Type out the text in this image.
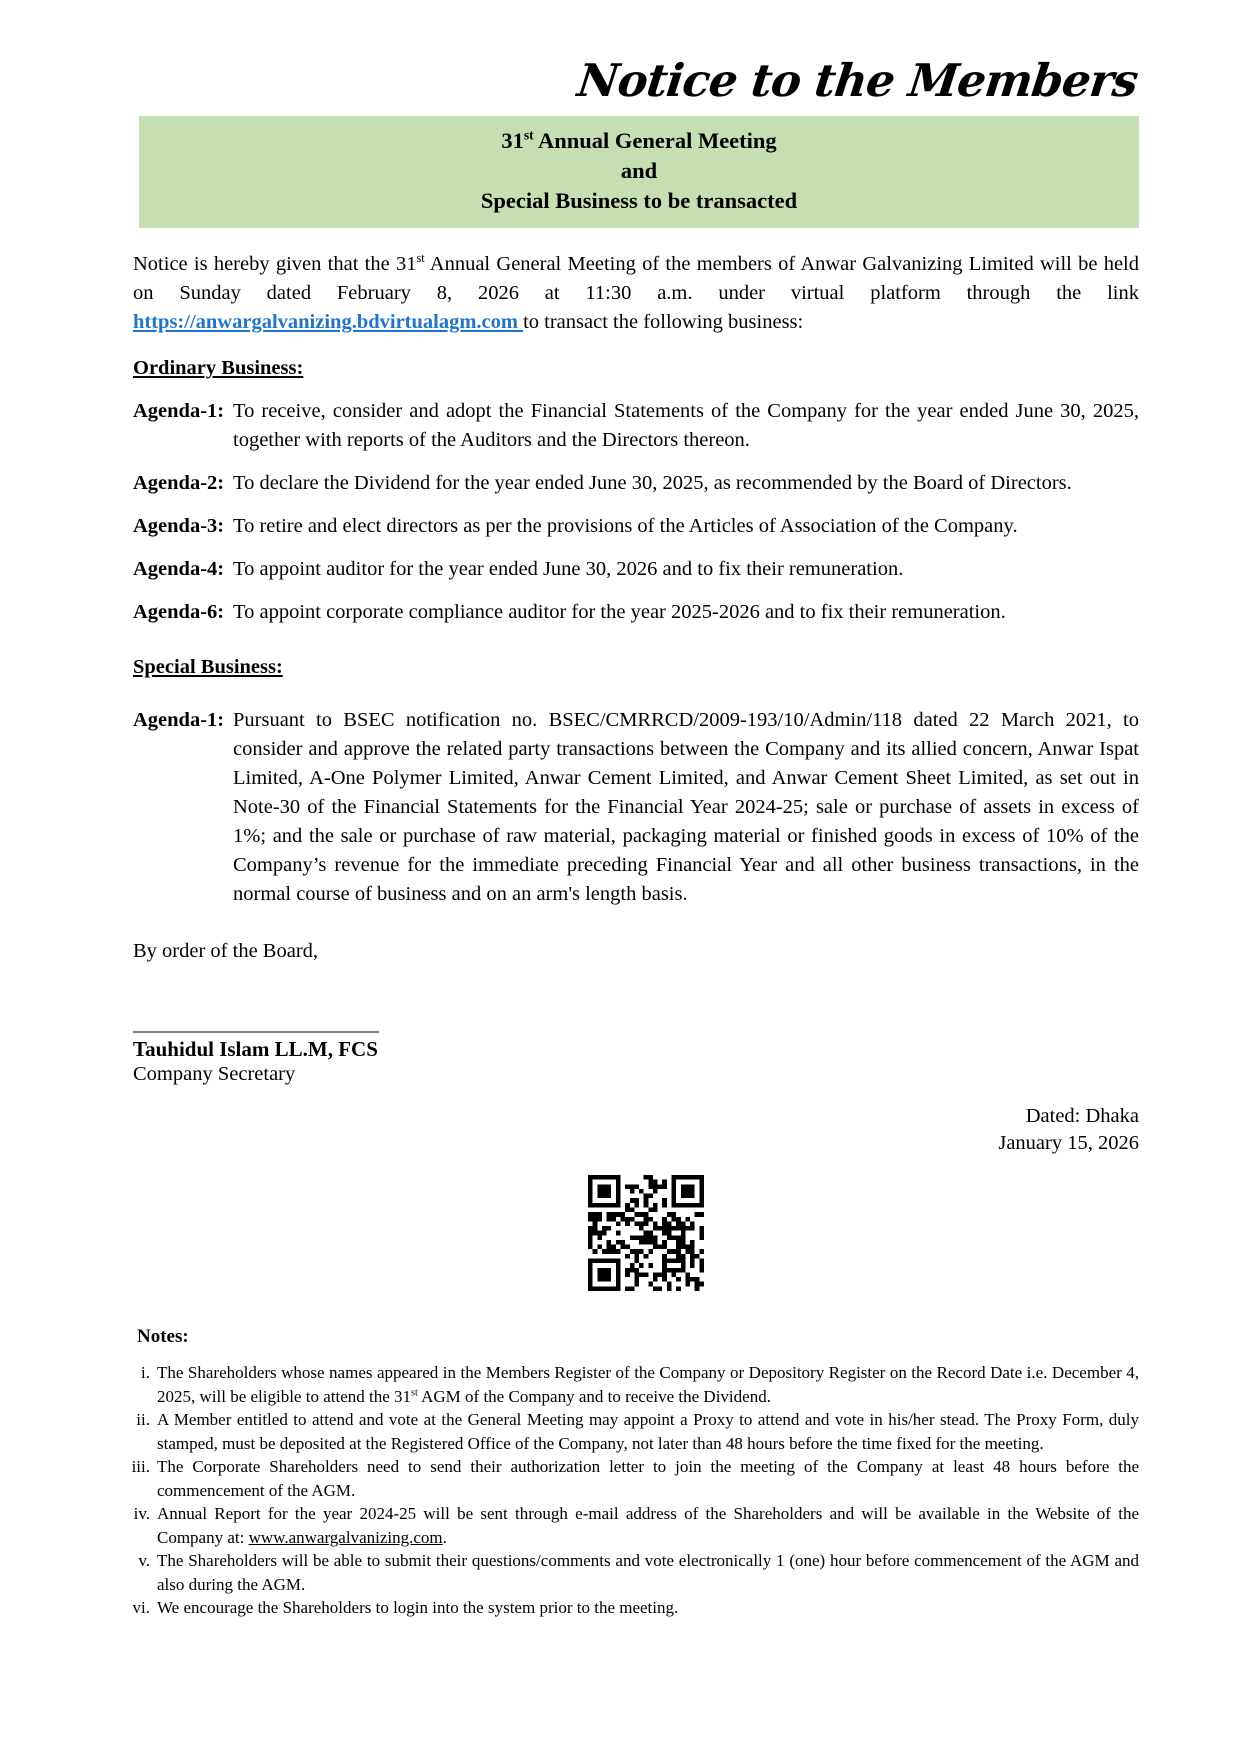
Notice to the Members
31st Annual General Meeting
and
Special Business to be transacted

Notice is hereby given that the 31st Annual General Meeting of the members of Anwar Galvanizing Limited will be held on Sunday dated February 8, 2026 at 11:30 a.m. under virtual platform through the link https://anwargalvanizing.bdvirtualagm.com to transact the following business:

Ordinary Business:
Agenda-1: To receive, consider and adopt the Financial Statements of the Company for the year ended June 30, 2025, together with reports of the Auditors and the Directors thereon.
Agenda-2: To declare the Dividend for the year ended June 30, 2025, as recommended by the Board of Directors.
Agenda-3: To retire and elect directors as per the provisions of the Articles of Association of the Company.
Agenda-4: To appoint auditor for the year ended June 30, 2026 and to fix their remuneration.
Agenda-6: To appoint corporate compliance auditor for the year 2025-2026 and to fix their remuneration.
Special Business:
Agenda-1: Pursuant to BSEC notification no. BSEC/CMRRCD/2009-193/10/Admin/118 dated 22 March 2021, to consider and approve the related party transactions between the Company and its allied concern, Anwar Ispat Limited, A-One Polymer Limited, Anwar Cement Limited, and Anwar Cement Sheet Limited, as set out in Note-30 of the Financial Statements for the Financial Year 2024-25; sale or purchase of assets in excess of 1%; and the sale or purchase of raw material, packaging material or finished goods in excess of 10% of the Company’s revenue for the immediate preceding Financial Year and all other business transactions, in the normal course of business and on an arm's length basis.

By order of the Board,

________________________
Tauhidul Islam LL.M, FCS
Company Secretary
Dated: Dhaka
January 15, 2026
Notes:
i. The Shareholders whose names appeared in the Members Register of the Company or Depository Register on the Record Date i.e. December 4, 2025, will be eligible to attend the 31st AGM of the Company and to receive the Dividend.
ii. A Member entitled to attend and vote at the General Meeting may appoint a Proxy to attend and vote in his/her stead. The Proxy Form, duly stamped, must be deposited at the Registered Office of the Company, not later than 48 hours before the time fixed for the meeting.
iii. The Corporate Shareholders need to send their authorization letter to join the meeting of the Company at least 48 hours before the commencement of the AGM.
iv. Annual Report for the year 2024-25 will be sent through e-mail address of the Shareholders and will be available in the Website of the Company at: www.anwargalvanizing.com.
v. The Shareholders will be able to submit their questions/comments and vote electronically 1 (one) hour before commencement of the AGM and also during the AGM.
vi. We encourage the Shareholders to login into the system prior to the meeting.
